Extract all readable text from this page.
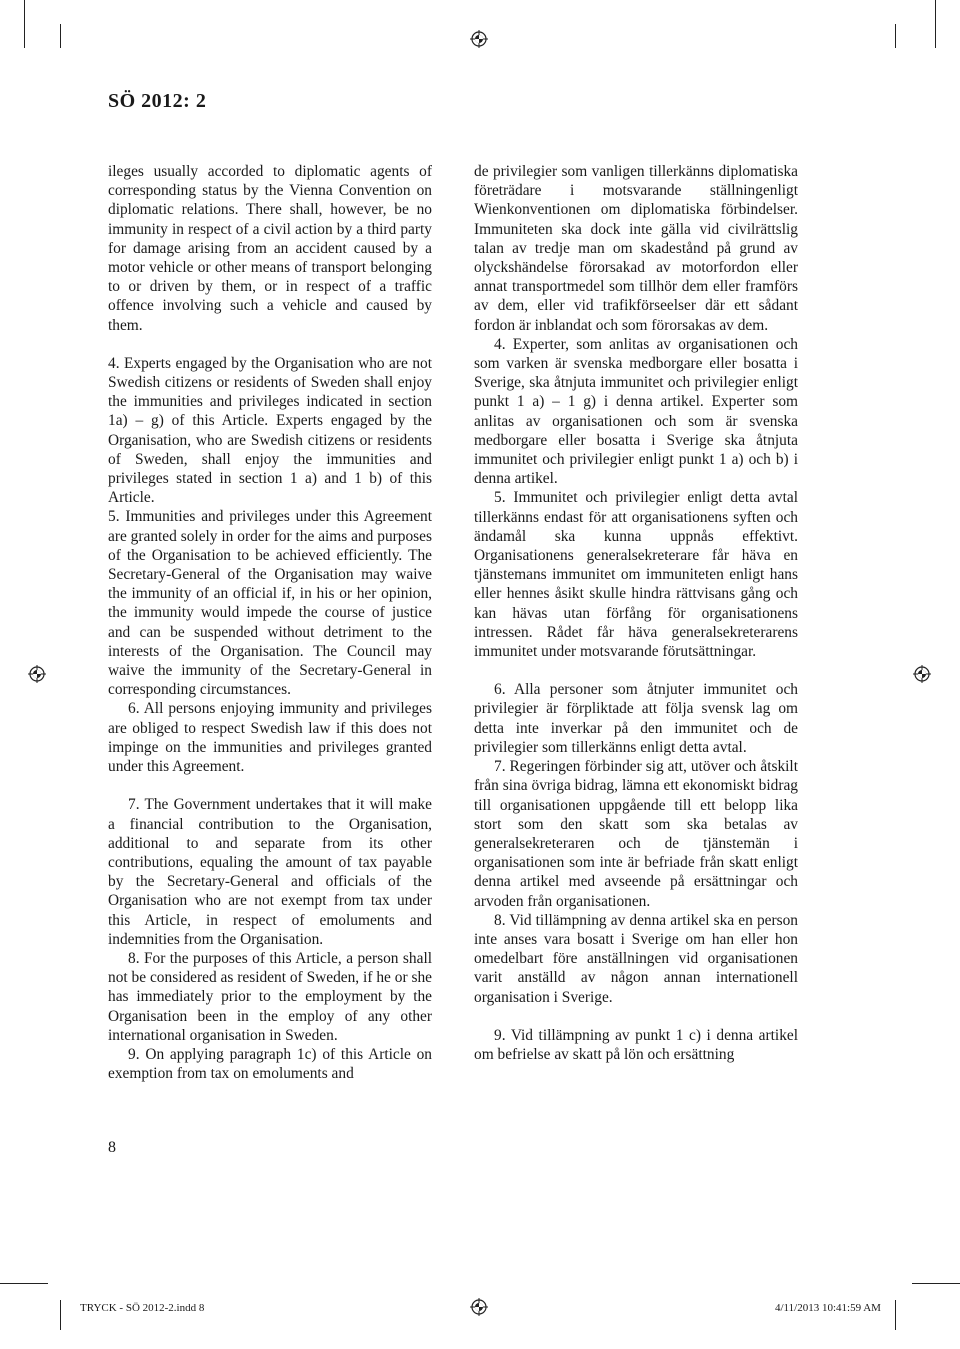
SÖ 2012: 2

ileges usually accorded to diplomatic agents of corresponding status by the Vienna Convention on diplomatic relations. There shall, however, be no immunity in respect of a civil action by a third party for damage arising from an accident caused by a motor vehicle or other means of transport belonging to or driven by them, or in respect of a traffic offence involving such a vehicle and caused by them.

4. Experts engaged by the Organisation who are not Swedish citizens or residents of Sweden shall enjoy the immunities and privileges indicated in section 1a) – g) of this Article. Experts engaged by the Organisation, who are Swedish citizens or residents of Sweden, shall enjoy the immunities and privileges stated in section 1 a) and 1 b) of this Article.

5. Immunities and privileges under this Agreement are granted solely in order for the aims and purposes of the Organisation to be achieved efficiently. The Secretary-General of the Organisation may waive the immunity of an official if, in his or her opinion, the immunity would impede the course of justice and can be suspended without detriment to the interests of the Organisation. The Council may waive the immunity of the Secretary-General in corresponding circumstances.

6. All persons enjoying immunity and privileges are obliged to respect Swedish law if this does not impinge on the immunities and privileges granted under this Agreement.

7. The Government undertakes that it will make a financial contribution to the Organisation, additional to and separate from its other contributions, equaling the amount of tax payable by the Secretary-General and officials of the Organisation who are not exempt from tax under this Article, in respect of emoluments and indemnities from the Organisation.

8. For the purposes of this Article, a person shall not be considered as resident of Sweden, if he or she has immediately prior to the employment by the Organisation been in the employ of any other international organisation in Sweden.

9. On applying paragraph 1c) of this Article on exemption from tax on emoluments and

de privilegier som vanligen tillerkänns diplomatiska företrädare i motsvarande ställningenligt Wienkonventionen om diplomatiska förbindelser. Immuniteten ska dock inte gälla vid civilrättslig talan av tredje man om skadestånd på grund av olyckshändelse förorsakad av motorfordon eller annat transportmedel som tillhör dem eller framförs av dem, eller vid trafikförseelser där ett sådant fordon är inblandat och som förorsakas av dem.

4. Experter, som anlitas av organisationen och som varken är svenska medborgare eller bosatta i Sverige, ska åtnjuta immunitet och privilegier enligt punkt 1 a) – 1 g) i denna artikel. Experter som anlitas av organisationen och som är svenska medborgare eller bosatta i Sverige ska åtnjuta immunitet och privilegier enligt punkt 1 a) och b) i denna artikel.

5. Immunitet och privilegier enligt detta avtal tillerkänns endast för att organisationens syften och ändamål ska kunna uppnås effektivt. Organisationens generalsekreterare får häva en tjänstemans immunitet om immuniteten enligt hans eller hennes åsikt skulle hindra rättvisans gång och kan hävas utan förfång för organisationens intressen. Rådet får häva generalsekreterarens immunitet under motsvarande förutsättningar.

6. Alla personer som åtnjuter immunitet och privilegier är förpliktade att följa svensk lag om detta inte inverkar på den immunitet och de privilegier som tillerkänns enligt detta avtal.

7. Regeringen förbinder sig att, utöver och åtskilt från sina övriga bidrag, lämna ett ekonomiskt bidrag till organisationen uppgående till ett belopp lika stort som den skatt som ska betalas av generalsekreteraren och de tjänstemän i organisationen som inte är befriade från skatt enligt denna artikel med avseende på ersättningar och arvoden från organisationen.

8. Vid tillämpning av denna artikel ska en person inte anses vara bosatt i Sverige om han eller hon omedelbart före anställningen vid organisationen varit anställd av någon annan internationell organisation i Sverige.

9. Vid tillämpning av punkt 1 c) i denna artikel om befrielse av skatt på lön och ersättning

8
TRYCK - SÖ 2012-2.indd 8	4/11/2013 10:41:59 AM
